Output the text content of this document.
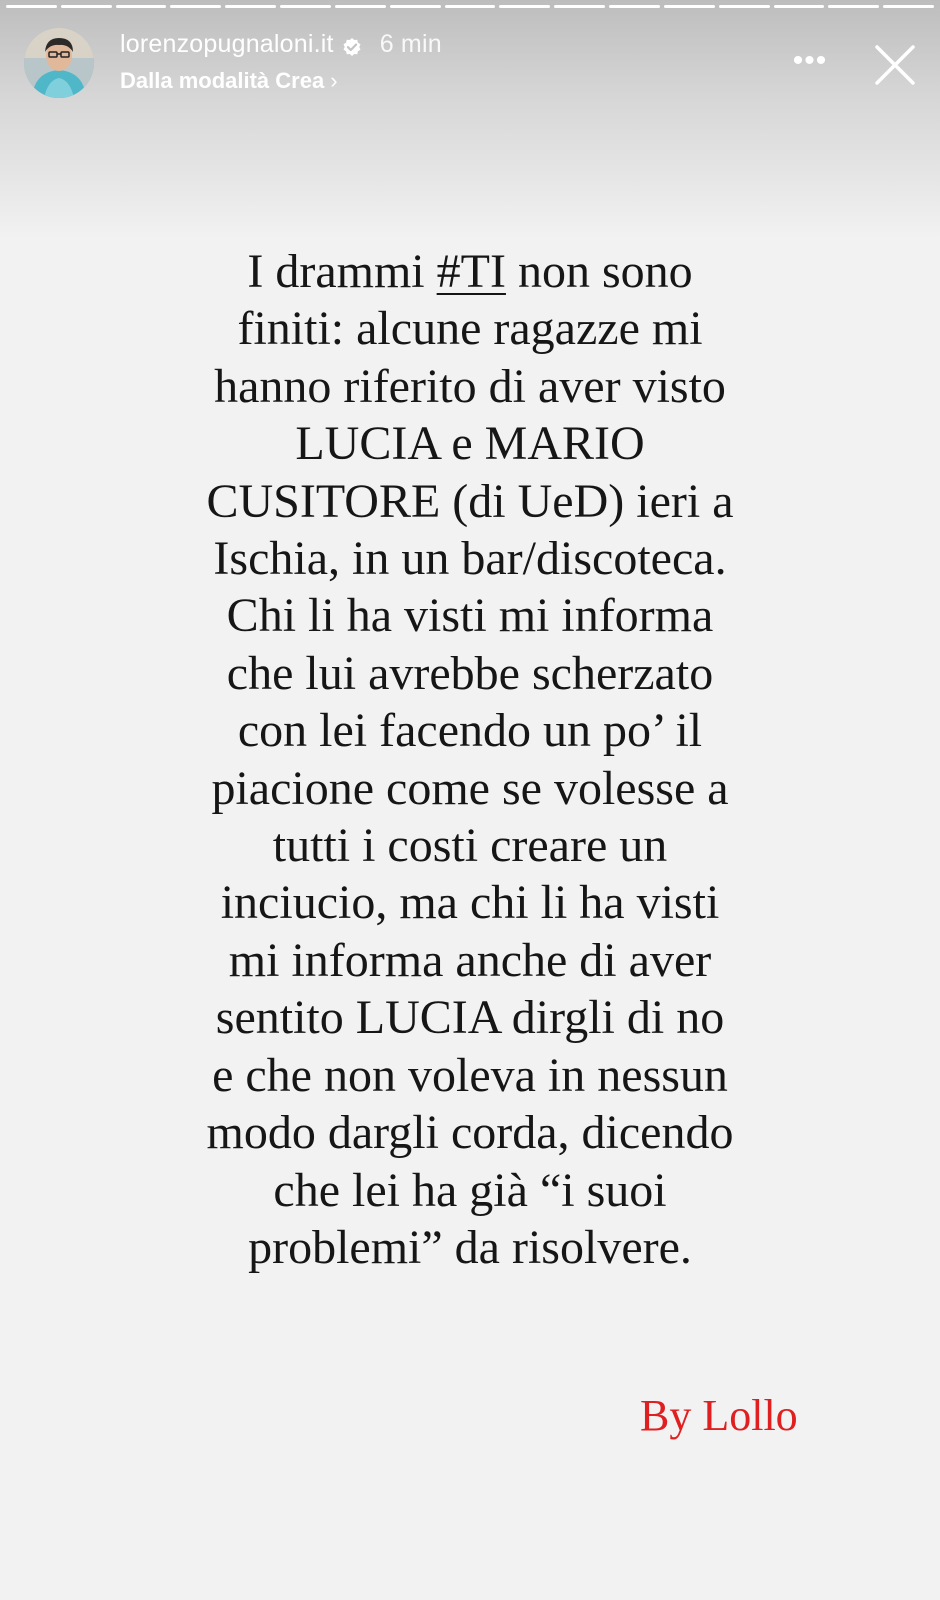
lorenzopugnaloni.it 6 min
Dalla modalità Crea ›
•••
I drammi #TI non sono
finiti: alcune ragazze mi
hanno riferito di aver visto
LUCIA e MARIO
CUSITORE (di UeD) ieri a
Ischia, in un bar/discoteca.
Chi li ha visti mi informa
che lui avrebbe scherzato
con lei facendo un po’ il
piacione come se volesse a
tutti i costi creare un
inciucio, ma chi li ha visti
mi informa anche di aver
sentito LUCIA dirgli di no
e che non voleva in nessun
modo dargli corda, dicendo
che lei ha già “i suoi
problemi” da risolvere.
By Lollo
